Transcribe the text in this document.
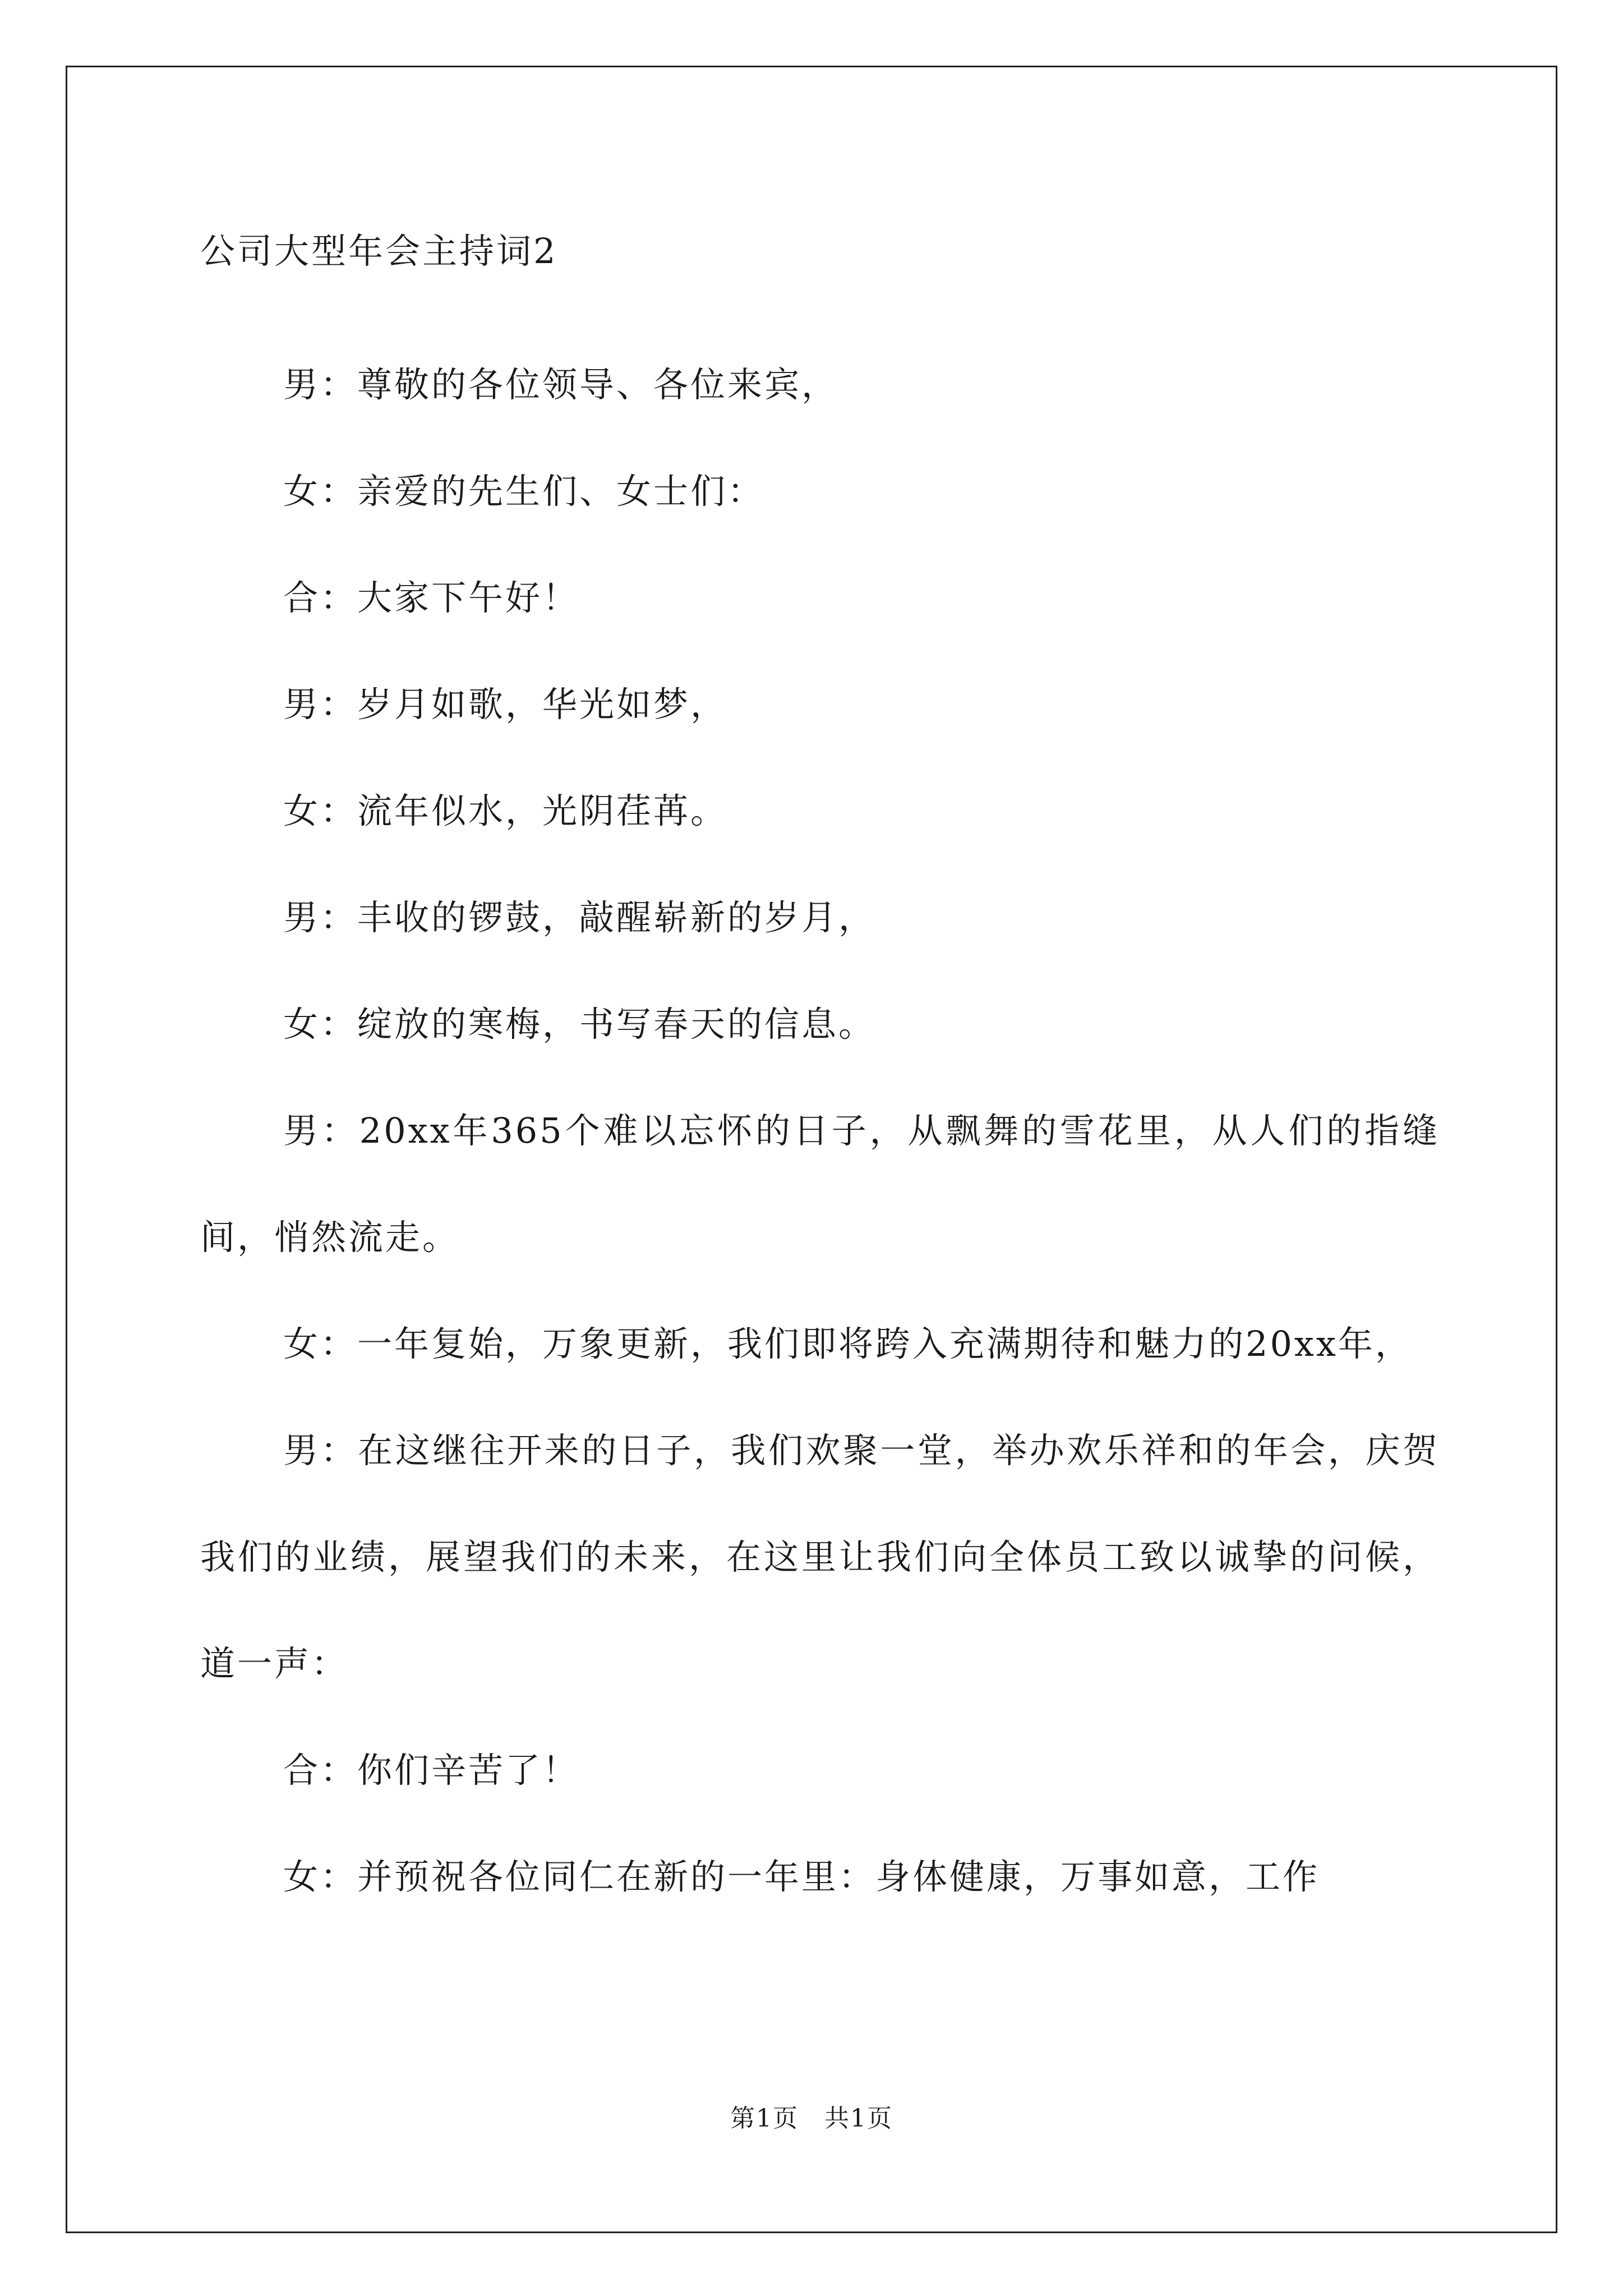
公司大型年会主持词2

男：尊敬的各位领导、各位来宾，

女：亲爱的先生们、女士们：

合：大家下午好！

男：岁月如歌，华光如梦，

女：流年似水，光阴荏苒。

男：丰收的锣鼓，敲醒崭新的岁月，

女：绽放的寒梅，书写春天的信息。

男：20xx年365个难以忘怀的日子，从飘舞的雪花里，从人们的指缝间，悄然流走。

女：一年复始，万象更新，我们即将跨入充满期待和魅力的20xx年，

男：在这继往开来的日子，我们欢聚一堂，举办欢乐祥和的年会，庆贺我们的业绩，展望我们的未来，在这里让我们向全体员工致以诚挚的问候，道一声：

合：你们辛苦了！

女：并预祝各位同仁在新的一年里：身体健康，万事如意，工作

第1页　共1页
